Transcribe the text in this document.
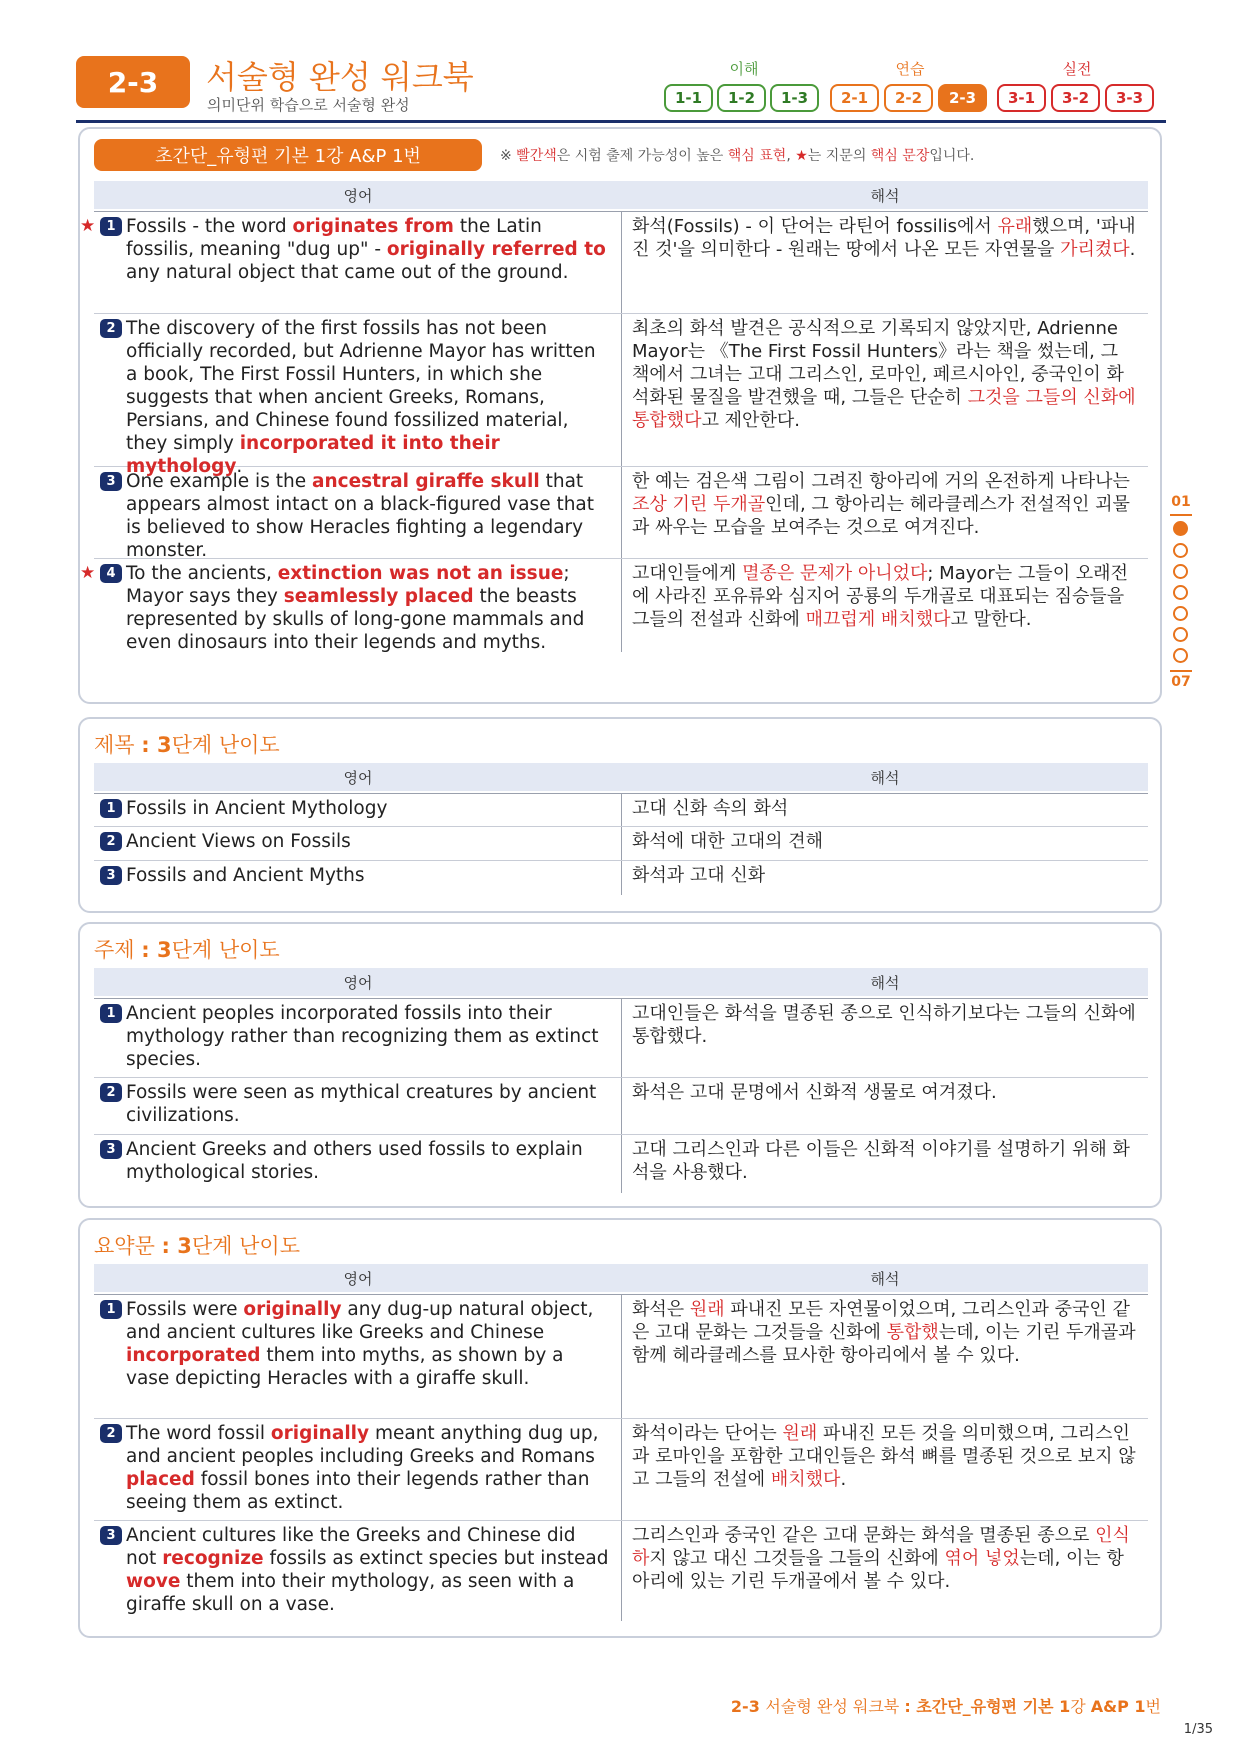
2-3	서술형 완성 워크북
의미단위 학습으로 서술형 완성
이해	연습	실전
1-1	1-2	1-3	2-1	2-2	2-3	3-1	3-2	3-3
초간단_유형편 기본 1강 A&P 1번	※ 빨간색은 시험 출제 가능성이 높은 핵심 표현, ★는 지문의 핵심 문장입니다.
영어	해석
★ 1 Fossils - the word originates from the Latin fossilis, meaning "dug up" - originally referred to any natural object that came out of the ground.
화석(Fossils) - 이 단어는 라틴어 fossilis에서 유래했으며, '파내진 것'을 의미한다 - 원래는 땅에서 나온 모든 자연물을 가리켰다.
2 The discovery of the first fossils has not been officially recorded, but Adrienne Mayor has written a book, The First Fossil Hunters, in which she suggests that when ancient Greeks, Romans, Persians, and Chinese found fossilized material, they simply incorporated it into their mythology.
최초의 화석 발견은 공식적으로 기록되지 않았지만, Adrienne Mayor는 《The First Fossil Hunters》라는 책을 썼는데, 그 책에서 그녀는 고대 그리스인, 로마인, 페르시아인, 중국인이 화석화된 물질을 발견했을 때, 그들은 단순히 그것을 그들의 신화에 통합했다고 제안한다.
3 One example is the ancestral giraffe skull that appears almost intact on a black-figured vase that is believed to show Heracles fighting a legendary monster.
한 예는 검은색 그림이 그려진 항아리에 거의 온전하게 나타나는 조상 기린 두개골인데, 그 항아리는 헤라클레스가 전설적인 괴물과 싸우는 모습을 보여주는 것으로 여겨진다.
★ 4 To the ancients, extinction was not an issue; Mayor says they seamlessly placed the beasts represented by skulls of long-gone mammals and even dinosaurs into their legends and myths.
고대인들에게 멸종은 문제가 아니었다; Mayor는 그들이 오래전에 사라진 포유류와 심지어 공룡의 두개골로 대표되는 짐승들을 그들의 전설과 신화에 매끄럽게 배치했다고 말한다.
제목 : 3단계 난이도
영어	해석
1 Fossils in Ancient Mythology	고대 신화 속의 화석
2 Ancient Views on Fossils	화석에 대한 고대의 견해
3 Fossils and Ancient Myths	화석과 고대 신화
주제 : 3단계 난이도
영어	해석
1 Ancient peoples incorporated fossils into their mythology rather than recognizing them as extinct species.
고대인들은 화석을 멸종된 종으로 인식하기보다는 그들의 신화에 통합했다.
2 Fossils were seen as mythical creatures by ancient civilizations.
화석은 고대 문명에서 신화적 생물로 여겨졌다.
3 Ancient Greeks and others used fossils to explain mythological stories.
고대 그리스인과 다른 이들은 신화적 이야기를 설명하기 위해 화석을 사용했다.
요약문 : 3단계 난이도
영어	해석
1 Fossils were originally any dug-up natural object, and ancient cultures like Greeks and Chinese incorporated them into myths, as shown by a vase depicting Heracles with a giraffe skull.
화석은 원래 파내진 모든 자연물이었으며, 그리스인과 중국인 같은 고대 문화는 그것들을 신화에 통합했는데, 이는 기린 두개골과 함께 헤라클레스를 묘사한 항아리에서 볼 수 있다.
2 The word fossil originally meant anything dug up, and ancient peoples including Greeks and Romans placed fossil bones into their legends rather than seeing them as extinct.
화석이라는 단어는 원래 파내진 모든 것을 의미했으며, 그리스인과 로마인을 포함한 고대인들은 화석 뼈를 멸종된 것으로 보지 않고 그들의 전설에 배치했다.
3 Ancient cultures like the Greeks and Chinese did not recognize fossils as extinct species but instead wove them into their mythology, as seen with a giraffe skull on a vase.
그리스인과 중국인 같은 고대 문화는 화석을 멸종된 종으로 인식하지 않고 대신 그것들을 그들의 신화에 엮어 넣었는데, 이는 항아리에 있는 기린 두개골에서 볼 수 있다.
01
07
2-3 서술형 완성 워크북 : 초간단_유형편 기본 1강 A&P 1번
1/35
